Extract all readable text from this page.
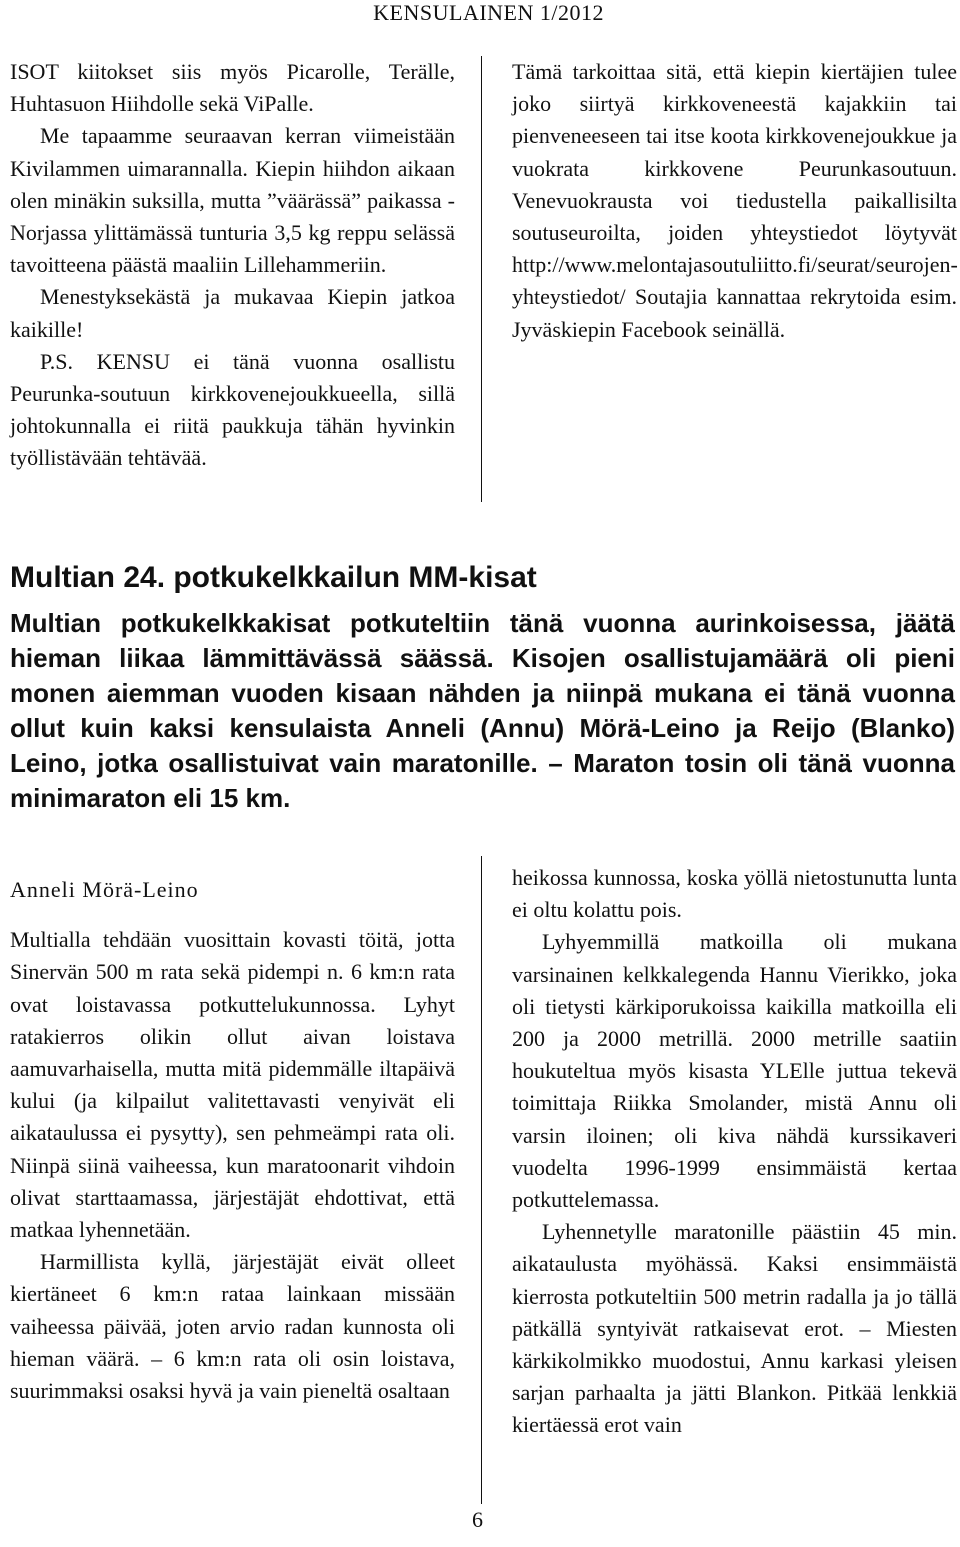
KENSULAINEN 1/2012

ISOT kiitokset siis myös Picarolle, Terälle, Huhtasuon Hiihdolle sekä ViPalle.

Me tapaamme seuraavan kerran viimeistään Kivilammen uimarannalla. Kiepin hiihdon aikaan olen minäkin suksilla, mutta ”väärässä” paikassa - Norjassa ylittämässä tunturia 3,5 kg reppu selässä tavoitteena päästä maaliin Lillehammeriin.

Menestyksekästä ja mukavaa Kiepin jatkoa kaikille!

P.S. KENSU ei tänä vuonna osallistu Peurunka-soutuun kirkkovenejoukkueella, sillä johtokunnalla ei riitä paukkuja tähän hyvinkin työllistävään tehtävää.

Tämä tarkoittaa sitä, että kiepin kiertäjien tulee joko siirtyä kirkkoveneestä kajakkiin tai pienveneeseen tai itse koota kirkkovenejoukkue ja vuokrata kirkkovene Peurunkasoutuun. Venevuokrausta voi tiedustella paikallisilta soutuseuroilta, joiden yhteystiedot löytyvät http://www.melontajasoutuliitto.fi/seurat/seurojen-yhteystiedot/ Soutajia kannattaa rekrytoida esim. Jyväskiepin Facebook seinällä.

Multian 24. potkukelkkailun MM-kisat

Multian potkukelkkakisat potkuteltiin tänä vuonna aurinkoisessa, jäätä hieman liikaa lämmittävässä säässä. Kisojen osallistujamäärä oli pieni monen aiemman vuoden kisaan nähden ja niinpä mukana ei tänä vuonna ollut kuin kaksi kensulaista Anneli (Annu) Mörä-Leino ja Reijo (Blanko) Leino, jotka osallistuivat vain maratonille. – Maraton tosin oli tänä vuonna minimaraton eli 15 km.

Anneli Mörä-Leino

Multialla tehdään vuosittain kovasti töitä, jotta Sinervän 500 m rata sekä pidempi n. 6 km:n rata ovat loistavassa potkuttelukunnossa. Lyhyt ratakierros olikin ollut aivan loistava aamuvarhaisella, mutta mitä pidemmälle iltapäivä kului (ja kilpailut valitettavasti venyivät eli aikataulussa ei pysytty), sen pehmeämpi rata oli. Niinpä siinä vaiheessa, kun maratoonarit vihdoin olivat starttaamassa, järjestäjät ehdottivat, että matkaa lyhennetään.

Harmillista kyllä, järjestäjät eivät olleet kiertäneet 6 km:n rataa lainkaan missään vaiheessa päivää, joten arvio radan kunnosta oli hieman väärä. – 6 km:n rata oli osin loistava, suurimmaksi osaksi hyvä ja vain pieneltä osaltaan

heikossa kunnossa, koska yöllä nietostunutta lunta ei oltu kolattu pois.

Lyhyemmillä matkoilla oli mukana varsinainen kelkkalegenda Hannu Vierikko, joka oli tietysti kärkiporukoissa kaikilla matkoilla eli 200 ja 2000 metrillä. 2000 metrille saatiin houkuteltua myös kisasta YLElle juttua tekevä toimittaja Riikka Smolander, mistä Annu oli varsin iloinen; oli kiva nähdä kurssikaveri vuodelta 1996-1999 ensimmäistä kertaa potkuttelemassa.

Lyhennetylle maratonille päästiin 45 min. aikataulusta myöhässä. Kaksi ensimmäistä kierrosta potkuteltiin 500 metrin radalla ja jo tällä pätkällä syntyivät ratkaisevat erot. – Miesten kärkikolmikko muodostui, Annu karkasi yleisen sarjan parhaalta ja jätti Blankon. Pitkää lenkkiä kiertäessä erot vain

6
